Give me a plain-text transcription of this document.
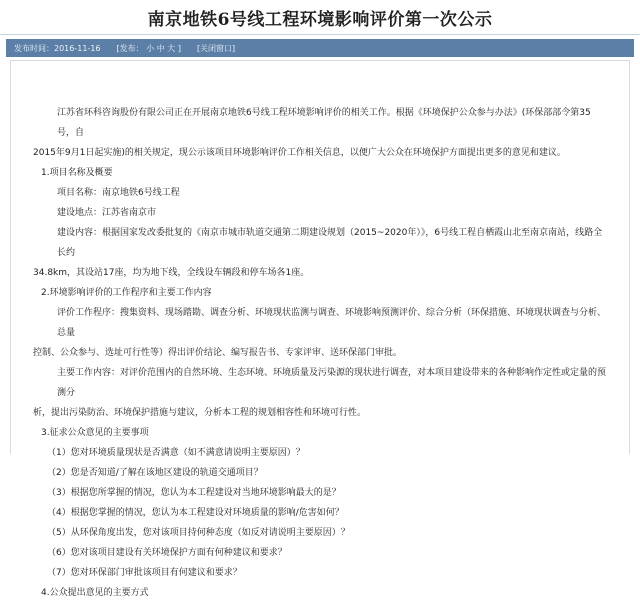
南京地铁6号线工程环境影响评价第一次公示
发布时间：2016-11-16	[发布： 小 中 大 ]	[关闭窗口]

江苏省环科咨询股份有限公司正在开展南京地铁6号线工程环境影响评价的相关工作。根据《环境保护公众参与办法》(环保部部令第35号，自

2015年9月1日起实施)的相关规定，现公示该项目环境影响评价工作相关信息，以便广大公众在环境保护方面提出更多的意见和建议。

1.项目名称及概要

项目名称：南京地铁6号线工程

建设地点：江苏省南京市

建设内容：根据国家发改委批复的《南京市城市轨道交通第二期建设规划（2015~2020年）》，6号线工程自栖霞山北至南京南站，线路全长约

34.8km，其设站17座，均为地下线，全线设车辆段和停车场各1座。

2.环境影响评价的工作程序和主要工作内容

评价工作程序：搜集资料、现场踏勘、调查分析、环境现状监测与调查、环境影响预测评价、综合分析（环保措施、环境现状调查与分析、总量

控制、公众参与、选址可行性等）得出评价结论、编写报告书、专家评审、送环保部门审批。

主要工作内容：对评价范围内的自然环境、生态环境、环境质量及污染源的现状进行调查，对本项目建设带来的各种影响作定性或定量的预测分

析，提出污染防治、环境保护措施与建议，分析本工程的规划相容性和环境可行性。

3.征求公众意见的主要事项

（1）您对环境质量现状是否满意（如不满意请说明主要原因）？

（2）您是否知道/了解在该地区建设的轨道交通项目？

（3）根据您所掌握的情况，您认为本工程建设对当地环境影响最大的是？

（4）根据您掌握的情况，您认为本工程建设对环境质量的影响/危害如何？

（5）从环保角度出发，您对该项目持何种态度（如反对请说明主要原因）？

（6）您对该项目建设有关环境保护方面有何种建议和要求？

（7）您对环保部门审批该项目有何建议和要求？

4.公众提出意见的主要方式
